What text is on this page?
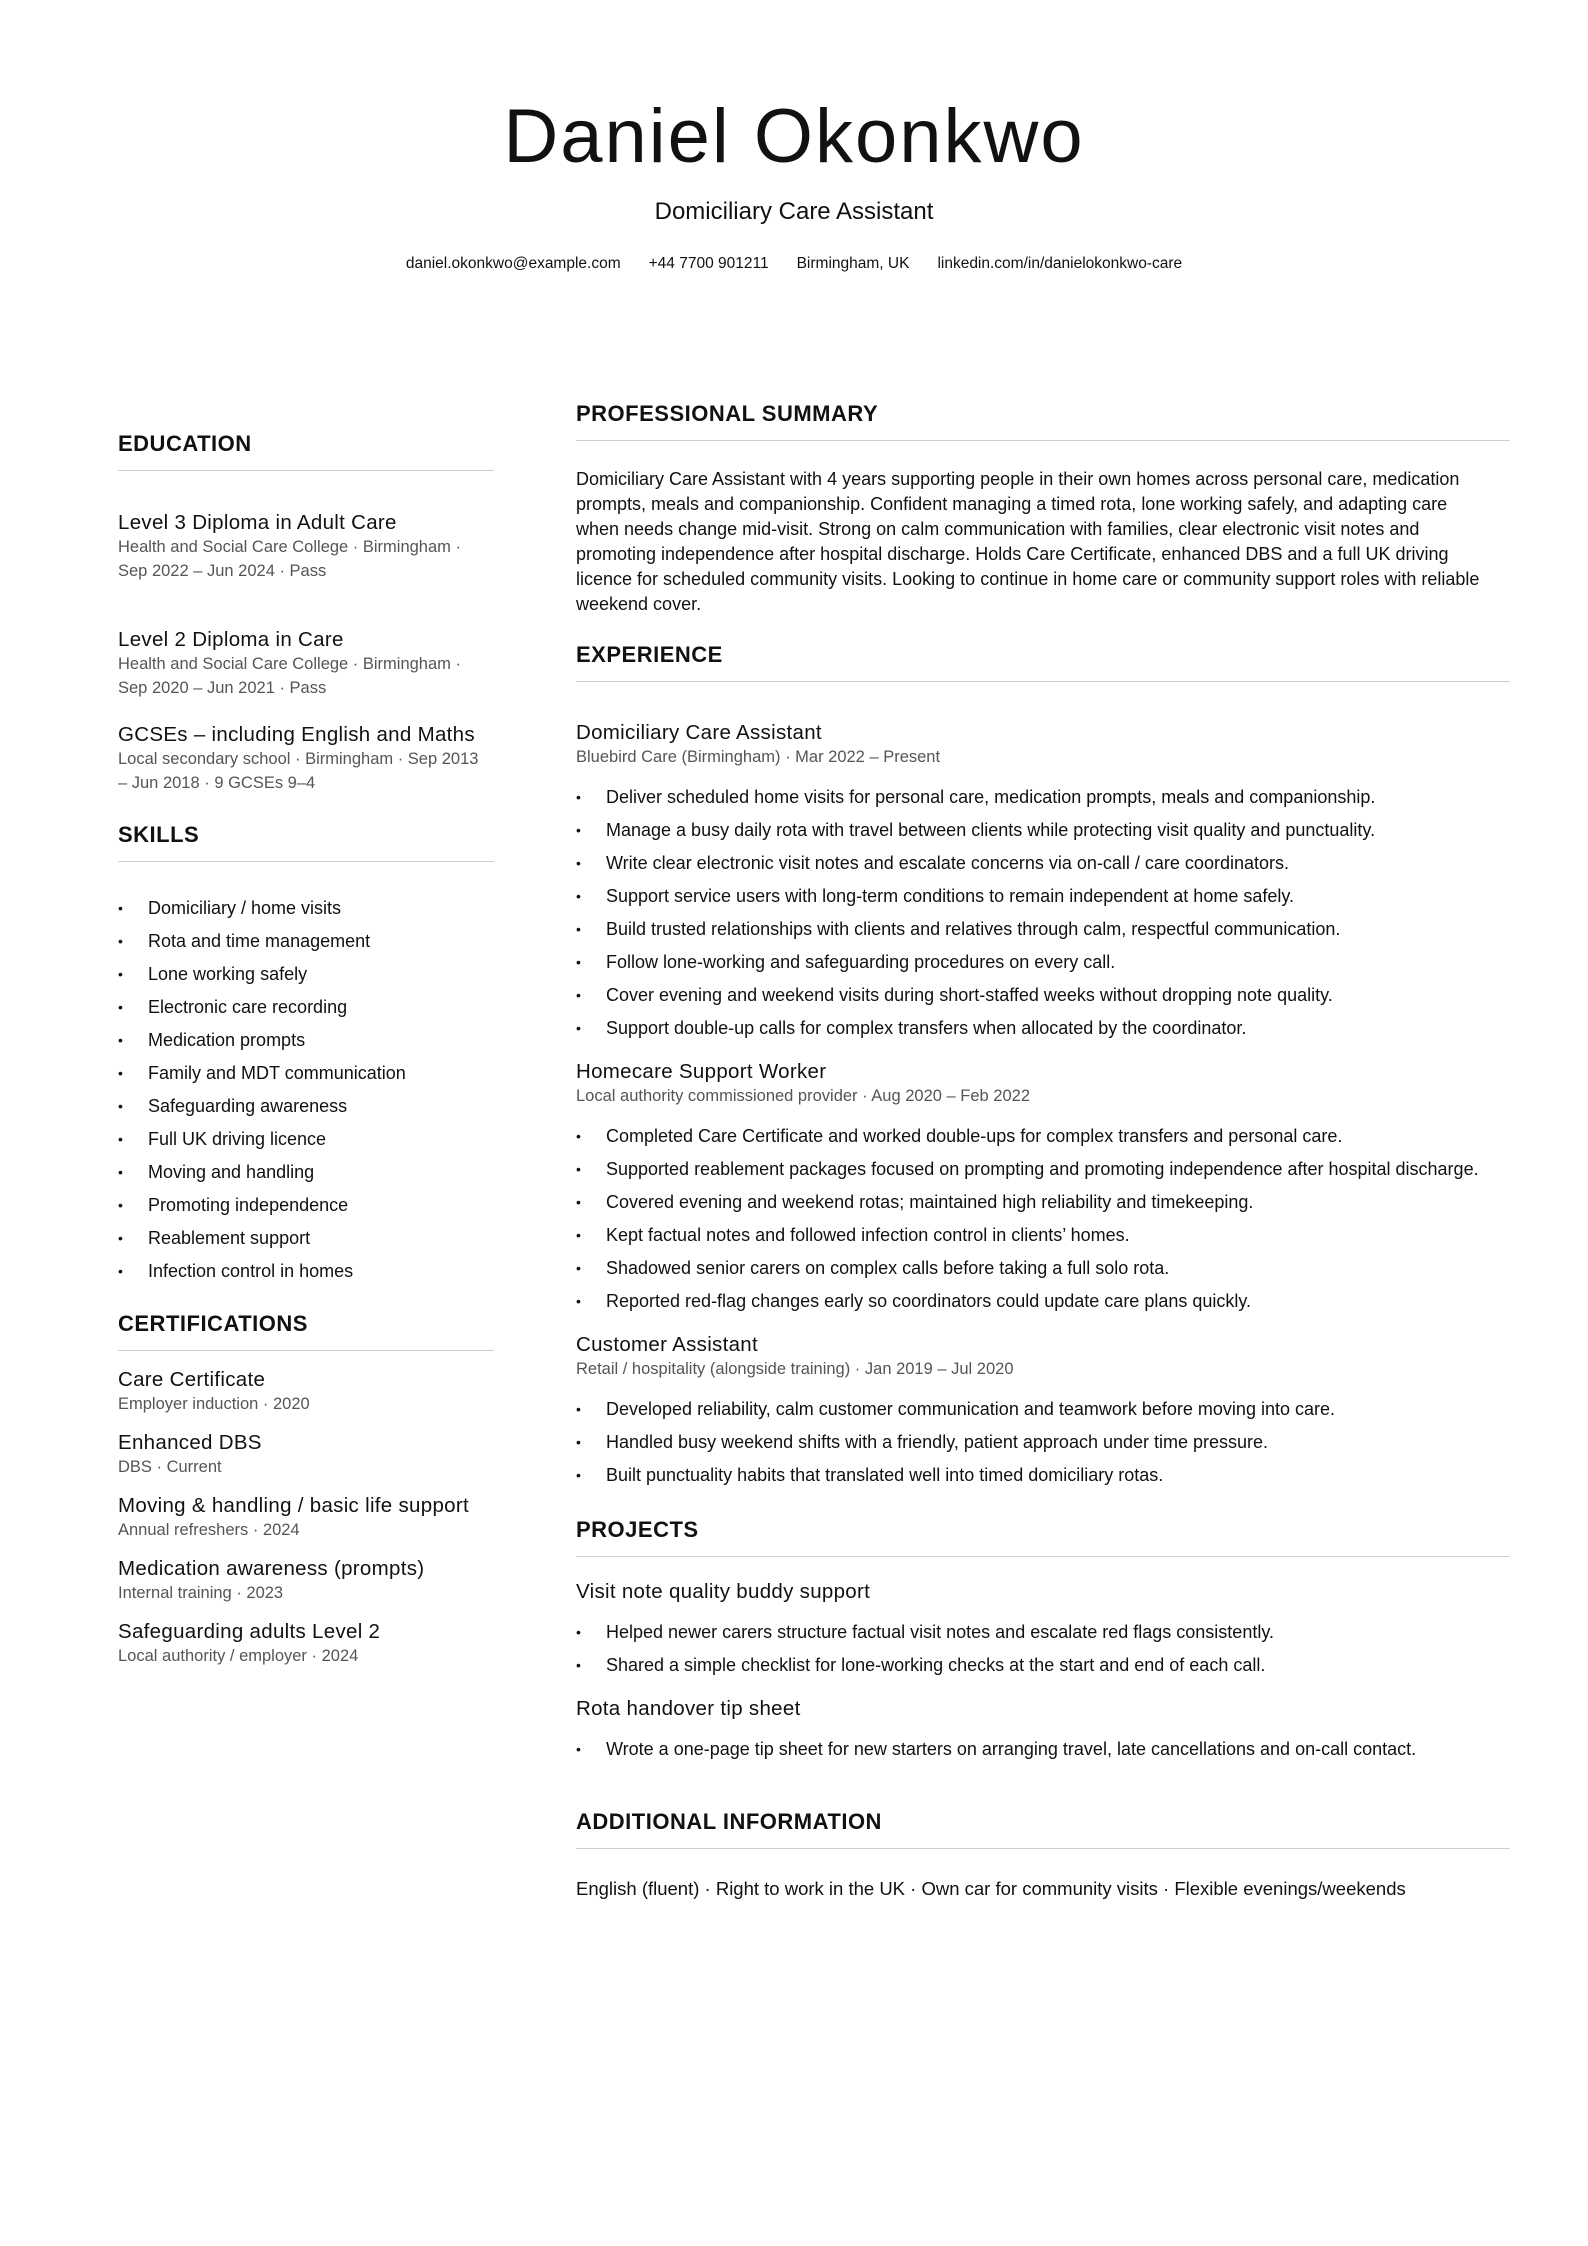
Daniel Okonkwo
Domiciliary Care Assistant
daniel.okonkwo@example.com +44 7700 901211 Birmingham, UK linkedin.com/in/danielokonkwo-care
EDUCATION
Level 3 Diploma in Adult Care
Health and Social Care College · Birmingham ·
Sep 2022 – Jun 2024 · Pass
Level 2 Diploma in Care
Health and Social Care College · Birmingham ·
Sep 2020 – Jun 2021 · Pass
GCSEs – including English and Maths
Local secondary school · Birmingham · Sep 2013
– Jun 2018 · 9 GCSEs 9–4
SKILLS
• Domiciliary / home visits
• Rota and time management
• Lone working safely
• Electronic care recording
• Medication prompts
• Family and MDT communication
• Safeguarding awareness
• Full UK driving licence
• Moving and handling
• Promoting independence
• Reablement support
• Infection control in homes
CERTIFICATIONS
Care Certificate
Employer induction · 2020
Enhanced DBS
DBS · Current
Moving & handling / basic life support
Annual refreshers · 2024
Medication awareness (prompts)
Internal training · 2023
Safeguarding adults Level 2
Local authority / employer · 2024
PROFESSIONAL SUMMARY
Domiciliary Care Assistant with 4 years supporting people in their own homes across personal care, medication
prompts, meals and companionship. Confident managing a timed rota, lone working safely, and adapting care
when needs change mid-visit. Strong on calm communication with families, clear electronic visit notes and
promoting independence after hospital discharge. Holds Care Certificate, enhanced DBS and a full UK driving
licence for scheduled community visits. Looking to continue in home care or community support roles with reliable
weekend cover.
EXPERIENCE
Domiciliary Care Assistant
Bluebird Care (Birmingham) · Mar 2022 – Present
• Deliver scheduled home visits for personal care, medication prompts, meals and companionship.
• Manage a busy daily rota with travel between clients while protecting visit quality and punctuality.
• Write clear electronic visit notes and escalate concerns via on-call / care coordinators.
• Support service users with long-term conditions to remain independent at home safely.
• Build trusted relationships with clients and relatives through calm, respectful communication.
• Follow lone-working and safeguarding procedures on every call.
• Cover evening and weekend visits during short-staffed weeks without dropping note quality.
• Support double-up calls for complex transfers when allocated by the coordinator.
Homecare Support Worker
Local authority commissioned provider · Aug 2020 – Feb 2022
• Completed Care Certificate and worked double-ups for complex transfers and personal care.
• Supported reablement packages focused on prompting and promoting independence after hospital discharge.
• Covered evening and weekend rotas; maintained high reliability and timekeeping.
• Kept factual notes and followed infection control in clients’ homes.
• Shadowed senior carers on complex calls before taking a full solo rota.
• Reported red-flag changes early so coordinators could update care plans quickly.
Customer Assistant
Retail / hospitality (alongside training) · Jan 2019 – Jul 2020
• Developed reliability, calm customer communication and teamwork before moving into care.
• Handled busy weekend shifts with a friendly, patient approach under time pressure.
• Built punctuality habits that translated well into timed domiciliary rotas.
PROJECTS
Visit note quality buddy support
• Helped newer carers structure factual visit notes and escalate red flags consistently.
• Shared a simple checklist for lone-working checks at the start and end of each call.
Rota handover tip sheet
• Wrote a one-page tip sheet for new starters on arranging travel, late cancellations and on-call contact.
ADDITIONAL INFORMATION
English (fluent) · Right to work in the UK · Own car for community visits · Flexible evenings/weekends
